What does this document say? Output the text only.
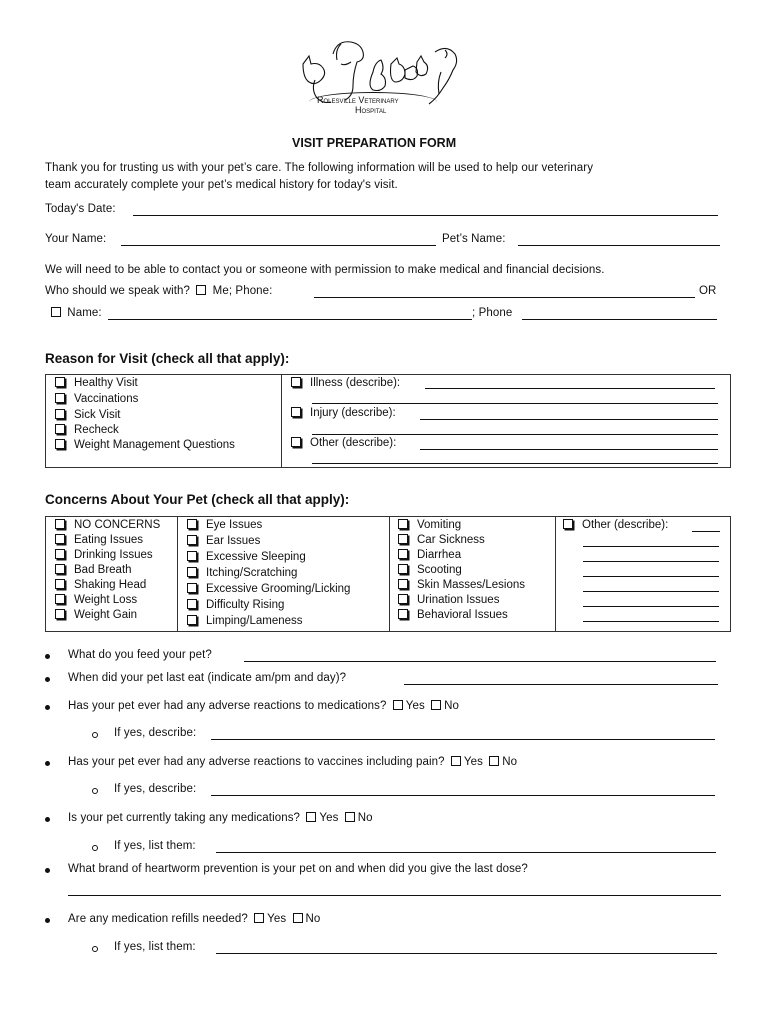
Rolesville Veterinary
Hospital
VISIT PREPARATION FORM
Thank you for trusting us with your pet’s care. The following information will be used to help our veterinary
team accurately complete your pet’s medical history for today's visit.
Today's Date:
Your Name:	Pet’s Name:
We will need to be able to contact you or someone with permission to make medical and financial decisions.
Who should we speak with? Me; Phone:	OR
Name:	; Phone
Reason for Visit (check all that apply):
Healthy Visit
Vaccinations
Sick Visit
Recheck
Weight Management Questions
Illness (describe):
Injury (describe):
Other (describe):
Concerns About Your Pet (check all that apply):
NO CONCERNS
Eating Issues
Drinking Issues
Bad Breath
Shaking Head
Weight Loss
Weight Gain
Eye Issues
Ear Issues
Excessive Sleeping
Itching/Scratching
Excessive Grooming/Licking
Difficulty Rising
Limping/Lameness
Vomiting
Car Sickness
Diarrhea
Scooting
Skin Masses/Lesions
Urination Issues
Behavioral Issues
Other (describe):
What do you feed your pet?
When did your pet last eat (indicate am/pm and day)?
Has your pet ever had any adverse reactions to medications? Yes No
If yes, describe:
Has your pet ever had any adverse reactions to vaccines including pain? Yes No
If yes, describe:
Is your pet currently taking any medications? Yes No
If yes, list them:
What brand of heartworm prevention is your pet on and when did you give the last dose?
Are any medication refills needed? Yes No
If yes, list them:
